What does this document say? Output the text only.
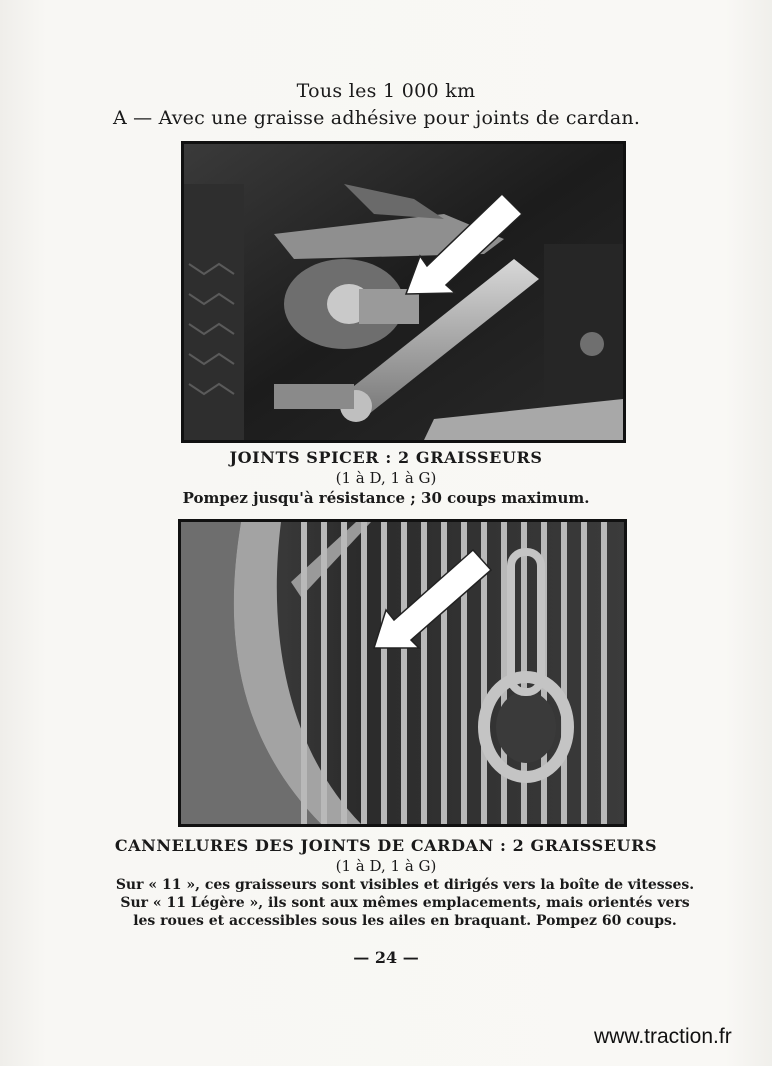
Tous les 1 000 km
A — Avec une graisse adhésive pour joints de cardan.
JOINTS SPICER : 2 GRAISSEURS
(1 à D, 1 à G)
Pompez jusqu'à résistance ; 30 coups maximum.
CANNELURES DES JOINTS DE CARDAN : 2 GRAISSEURS
(1 à D, 1 à G)
Sur « 11 », ces graisseurs sont visibles et dirigés vers la boîte de vitesses.
Sur « 11 Légère », ils sont aux mêmes emplacements, mais orientés vers les roues et accessibles sous les ailes en braquant. Pompez 60 coups.
— 24 —
www.traction.fr
